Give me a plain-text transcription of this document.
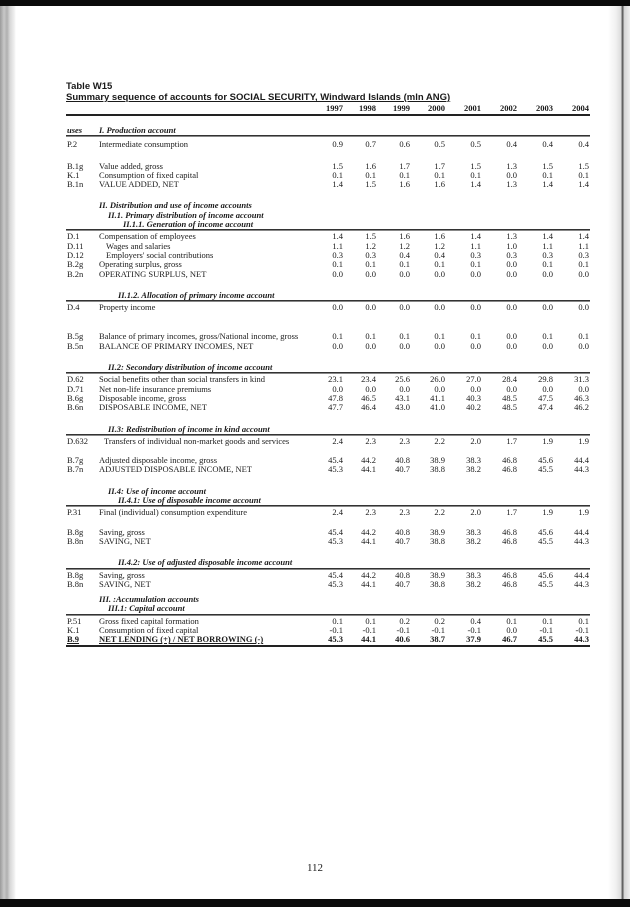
Table W15
Summary sequence of accounts for SOCIAL SECURITY, Windward Islands (mln ANG)
1997	1998	1999	2000	2001	2002	2003	2004
uses I. Production account
P.2	Intermediate consumption	0.9	0.7	0.6	0.5	0.5	0.4	0.4	0.4
B.1g Value added, gross	1.5	1.6	1.7	1.7	1.5	1.3	1.5	1.5
K.1 Consumption of fixed capital	0.1	0.1	0.1	0.1	0.1	0.0	0.1	0.1
B.1n VALUE ADDED, NET	1.4	1.5	1.6	1.6	1.4	1.3	1.4	1.4
II. Distribution and use of income accounts
II.1. Primary distribution of income account
II.1.1. Generation of income account
D.1 Compensation of employees	1.4	1.5	1.6	1.6	1.4	1.3	1.4	1.4
D.11	Wages and salaries	1.1	1.2	1.2	1.2	1.1	1.0	1.1	1.1
D.12	Employers' social contributions	0.3	0.3	0.4	0.4	0.3	0.3	0.3	0.3
B.2g Operating surplus, gross	0.1	0.1	0.1	0.1	0.1	0.0	0.1	0.1
B.2n OPERATING SURPLUS, NET	0.0	0.0	0.0	0.0	0.0	0.0	0.0	0.0
II.1.2. Allocation of primary income account
D.4 Property income	0.0	0.0	0.0	0.0	0.0	0.0	0.0	0.0
B.5g Balance of primary incomes, gross/National income, gross	0.1	0.1	0.1	0.1	0.1	0.0	0.1	0.1
B.5n BALANCE OF PRIMARY INCOMES, NET	0.0	0.0	0.0	0.0	0.0	0.0	0.0	0.0
II.2: Secondary distribution of income account
D.62 Social benefits other than social transfers in kind	23.1	23.4	25.6	26.0	27.0	28.4	29.8	31.3
D.71 Net non-life insurance premiums	0.0	0.0	0.0	0.0	0.0	0.0	0.0	0.0
B.6g Disposable income, gross	47.8	46.5	43.1	41.1	40.3	48.5	47.5	46.3
B.6n DISPOSABLE INCOME, NET	47.7	46.4	43.0	41.0	40.2	48.5	47.4	46.2
II.3: Redistribution of income in kind account
D.632 Transfers of individual non-market goods and services	2.4	2.3	2.3	2.2	2.0	1.7	1.9	1.9
B.7g Adjusted disposable income, gross	45.4	44.2	40.8	38.9	38.3	46.8	45.6	44.4
B.7n ADJUSTED DISPOSABLE INCOME, NET	45.3	44.1	40.7	38.8	38.2	46.8	45.5	44.3
II.4: Use of income account
II.4.1: Use of disposable income account
P.31 Final (individual) consumption expenditure	2.4	2.3	2.3	2.2	2.0	1.7	1.9	1.9
B.8g Saving, gross	45.4	44.2	40.8	38.9	38.3	46.8	45.6	44.4
B.8n SAVING, NET	45.3	44.1	40.7	38.8	38.2	46.8	45.5	44.3
II.4.2: Use of adjusted disposable income account
B.8g Saving, gross	45.4	44.2	40.8	38.9	38.3	46.8	45.6	44.4
B.8n SAVING, NET	45.3	44.1	40.7	38.8	38.2	46.8	45.5	44.3
III. :Accumulation accounts
III.1: Capital account
P.51 Gross fixed capital formation	0.1	0.1	0.2	0.2	0.4	0.1	0.1	0.1
K.1 Consumption of fixed capital	-0.1	-0.1	-0.1	-0.1	-0.1	0.0	-0.1	-0.1
B.9 NET LENDING (+) / NET BORROWING (-)	45.3	44.1	40.6	38.7	37.9	46.7	45.5	44.3
112
